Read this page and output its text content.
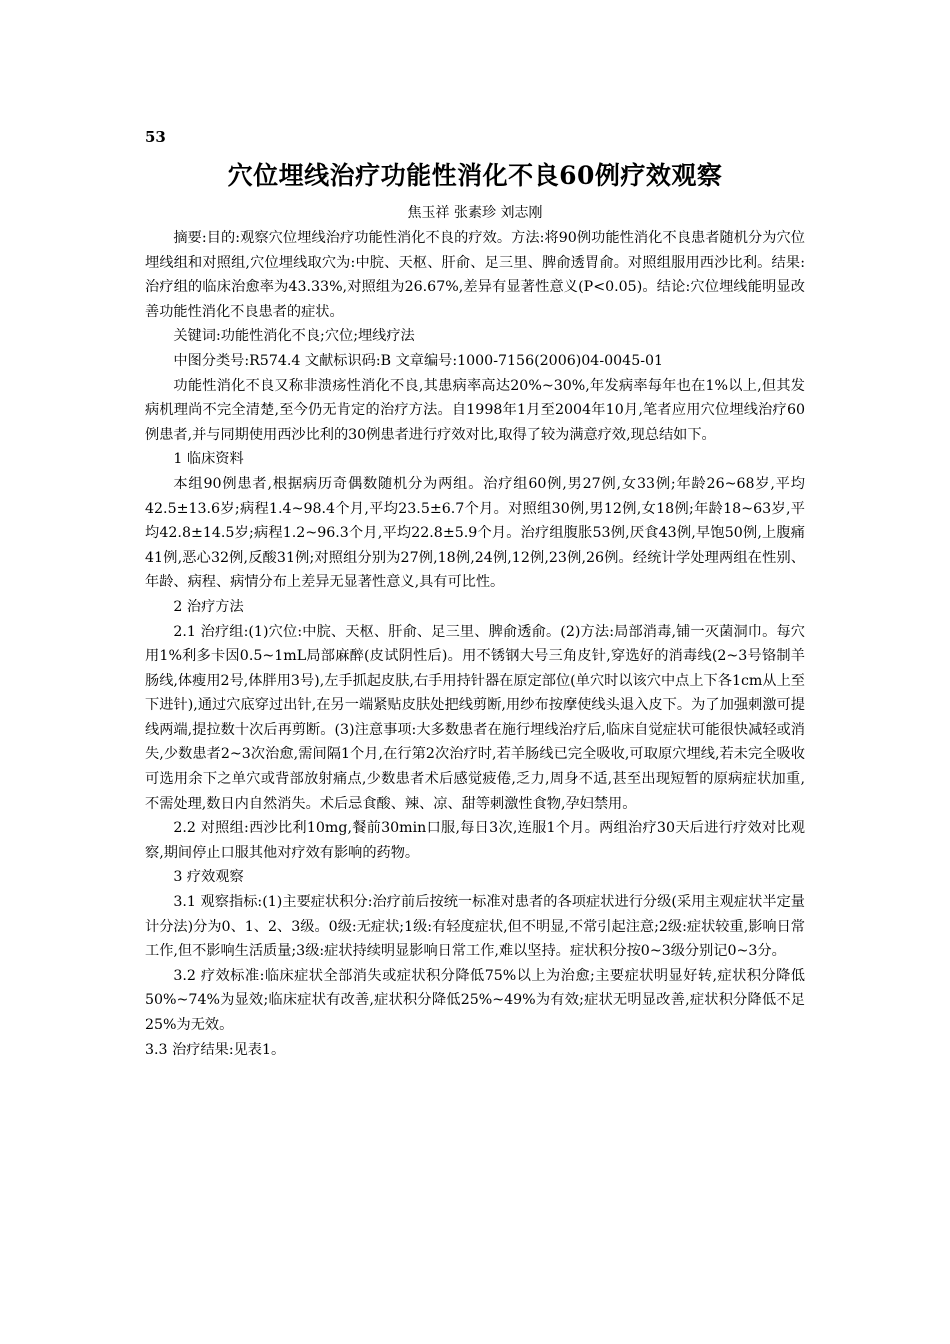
53
穴位埋线治疗功能性消化不良60例疗效观察
焦玉祥 张素珍 刘志刚

摘要:目的:观察穴位埋线治疗功能性消化不良的疗效。方法:将90例功能性消化不良患者随机分为穴位埋线组和对照组,穴位埋线取穴为:中脘、天枢、肝俞、足三里、脾俞透胃俞。对照组服用西沙比利。结果:治疗组的临床治愈率为43.33%,对照组为26.67%,差异有显著性意义(P<0.05)。结论:穴位埋线能明显改善功能性消化不良患者的症状。

关键词:功能性消化不良;穴位;埋线疗法

中图分类号:R574.4 文献标识码:B 文章编号:1000-7156(2006)04-0045-01

功能性消化不良又称非溃疡性消化不良,其患病率高达20%~30%,年发病率每年也在1%以上,但其发病机理尚不完全清楚,至今仍无肯定的治疗方法。自1998年1月至2004年10月,笔者应用穴位埋线治疗60例患者,并与同期使用西沙比利的30例患者进行疗效对比,取得了较为满意疗效,现总结如下。

1 临床资料

本组90例患者,根据病历奇偶数随机分为两组。治疗组60例,男27例,女33例;年龄26~68岁,平均42.5±13.6岁;病程1.4~98.4个月,平均23.5±6.7个月。对照组30例,男12例,女18例;年龄18~63岁,平均42.8±14.5岁;病程1.2~96.3个月,平均22.8±5.9个月。治疗组腹胀53例,厌食43例,早饱50例,上腹痛41例,恶心32例,反酸31例;对照组分别为27例,18例,24例,12例,23例,26例。经统计学处理两组在性别、年龄、病程、病情分布上差异无显著性意义,具有可比性。

2 治疗方法

2.1 治疗组:(1)穴位:中脘、天枢、肝俞、足三里、脾俞透俞。(2)方法:局部消毒,铺一灭菌洞巾。每穴用1%利多卡因0.5~1mL局部麻醉(皮试阴性后)。用不锈钢大号三角皮针,穿选好的消毒线(2~3号铬制羊肠线,体瘦用2号,体胖用3号),左手抓起皮肤,右手用持针器在原定部位(单穴时以该穴中点上下各1cm从上至下进针),通过穴底穿过出针,在另一端紧贴皮肤处把线剪断,用纱布按摩使线头退入皮下。为了加强刺激可提线两端,提拉数十次后再剪断。(3)注意事项:大多数患者在施行埋线治疗后,临床自觉症状可能很快减轻或消失,少数患者2~3次治愈,需间隔1个月,在行第2次治疗时,若羊肠线已完全吸收,可取原穴埋线,若未完全吸收可选用余下之单穴或背部放射痛点,少数患者术后感觉疲倦,乏力,周身不适,甚至出现短暂的原病症状加重,不需处理,数日内自然消失。术后忌食酸、辣、凉、甜等刺激性食物,孕妇禁用。

2.2 对照组:西沙比利10mg,餐前30min口服,每日3次,连服1个月。两组治疗30天后进行疗效对比观察,期间停止口服其他对疗效有影响的药物。

3 疗效观察

3.1 观察指标:(1)主要症状积分:治疗前后按统一标准对患者的各项症状进行分级(采用主观症状半定量计分法)分为0、1、2、3级。0级:无症状;1级:有轻度症状,但不明显,不常引起注意;2级:症状较重,影响日常工作,但不影响生活质量;3级:症状持续明显影响日常工作,难以坚持。症状积分按0~3级分别记0~3分。

3.2 疗效标准:临床症状全部消失或症状积分降低75%以上为治愈;主要症状明显好转,症状积分降低50%~74%为显效;临床症状有改善,症状积分降低25%~49%为有效;症状无明显改善,症状积分降低不足25%为无效。

3.3 治疗结果:见表1。
